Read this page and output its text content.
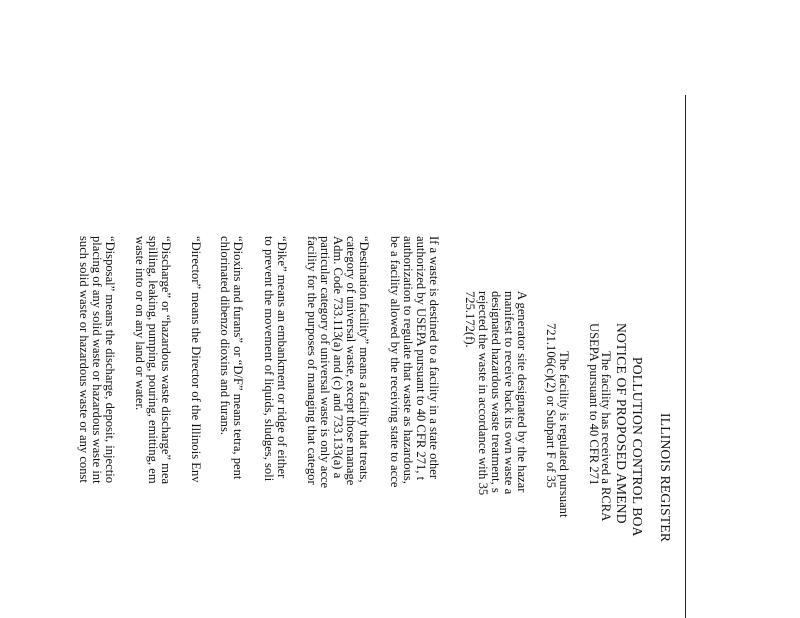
ILLINOIS REGISTER
POLLUTION CONTROL BOA
NOTICE OF PROPOSED AMEND
The facility has received a RCRA
USEPA pursuant to 40 CFR 271
The facility is regulated pursuant
721.106(c)(2) or Subpart F of 35
A generator site designated by the hazar
manifest to receive back its own waste a
designated hazardous waste treatment, s
rejected the waste in accordance with 35
725.172(f).
If a waste is destined to a facility in a state other
authorized by USEPA pursuant to 40 CFR 271, t
authorization to regulate that waste as hazardous,
be a facility allowed by the receiving state to acce
“Destination facility” means a facility that treats,
category of universal waste, except those manage
Adm. Code 733.113(a) and (c) and 733.133(a) a
particular category of universal waste is only acce
facility for the purposes of managing that categor
“Dike” means an embankment or ridge of either
to prevent the movement of liquids, sludges, soli
“Dioxins and furans” or “D/F” means tetra, pent
chlorinated dibenzo dioxins and furans.
“Director” means the Director of the Illinois Env
“Discharge” or “hazardous waste discharge” mea
spilling, leaking, pumping, pouring, emitting, em
waste into or on any land or water.
“Disposal” means the discharge, deposit, injectio
placing of any solid waste or hazardous waste int
such solid waste or hazardous waste or any const
